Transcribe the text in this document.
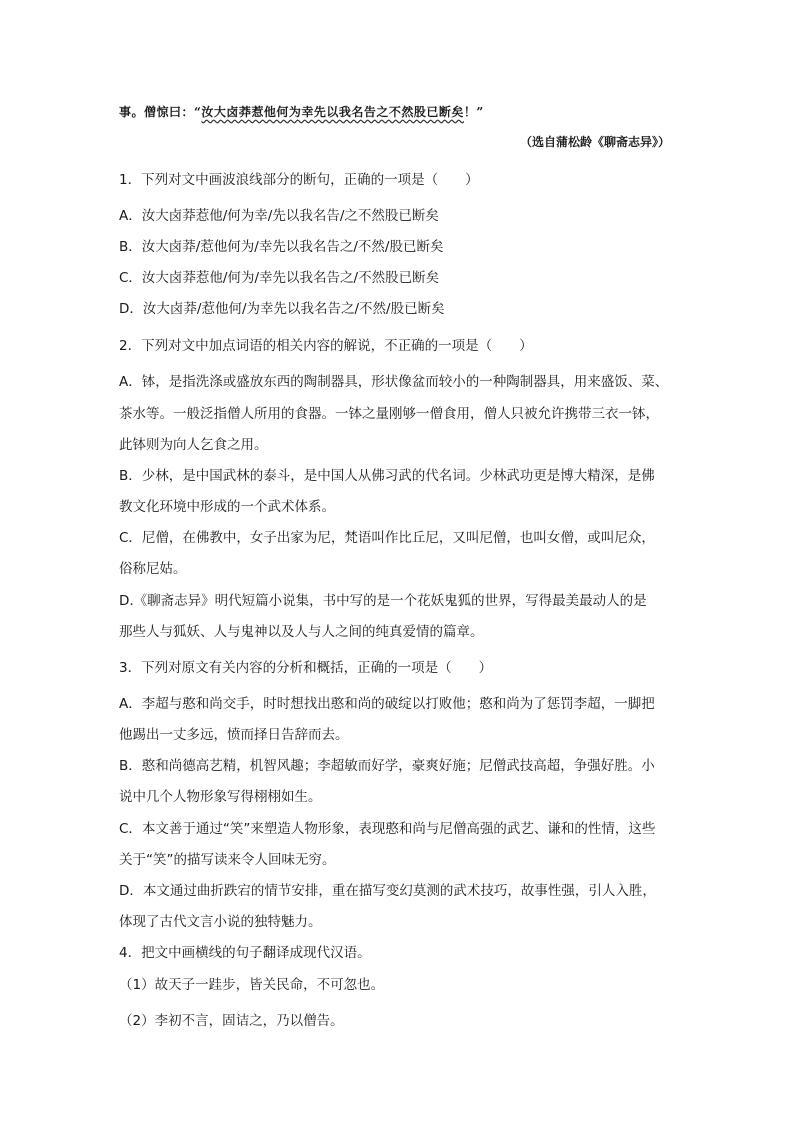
事。僧惊曰：“汝大卤莽惹他何为幸先以我名告之不然股已断矣！”
（选自蒲松龄《聊斋志异》）
1．下列对文中画波浪线部分的断句，正确的一项是（　　）
A．汝大卤莽惹他/何为幸/先以我名告/之不然股已断矣
B．汝大卤莽/惹他何为/幸先以我名告之/不然/股已断矣
C．汝大卤莽惹他/何为/幸先以我名告之/不然股已断矣
D．汝大卤莽/惹他何/为幸先以我名告之/不然/股已断矣
2．下列对文中加点词语的相关内容的解说，不正确的一项是（　　）
A．钵，是指洗涤或盛放东西的陶制器具，形状像盆而较小的一种陶制器具，用来盛饭、菜、
茶水等。一般泛指僧人所用的食器。一钵之量刚够一僧食用，僧人只被允许携带三衣一钵，
此钵则为向人乞食之用。
B．少林，是中国武林的泰斗，是中国人从佛习武的代名词。少林武功更是博大精深，是佛
教文化环境中形成的一个武术体系。
C．尼僧，在佛教中，女子出家为尼，梵语叫作比丘尼，又叫尼僧，也叫女僧，或叫尼众，
俗称尼姑。
D.《聊斋志异》明代短篇小说集，书中写的是一个花妖鬼狐的世界，写得最美最动人的是
那些人与狐妖、人与鬼神以及人与人之间的纯真爱情的篇章。
3．下列对原文有关内容的分析和概括，正确的一项是（　　）
A．李超与憨和尚交手，时时想找出憨和尚的破绽以打败他；憨和尚为了惩罚李超，一脚把
他踢出一丈多远，愤而择日告辞而去。
B．憨和尚德高艺精，机智风趣；李超敏而好学，豪爽好施；尼僧武技高超，争强好胜。小
说中几个人物形象写得栩栩如生。
C．本文善于通过“笑”来塑造人物形象，表现憨和尚与尼僧高强的武艺、谦和的性情，这些
关于“笑”的描写读来令人回味无穷。
D．本文通过曲折跌宕的情节安排，重在描写变幻莫测的武术技巧，故事性强，引人入胜，
体现了古代文言小说的独特魅力。
4．把文中画横线的句子翻译成现代汉语。
（1）故天子一跬步，皆关民命，不可忽也。
（2）李初不言，固诘之，乃以僧告。
